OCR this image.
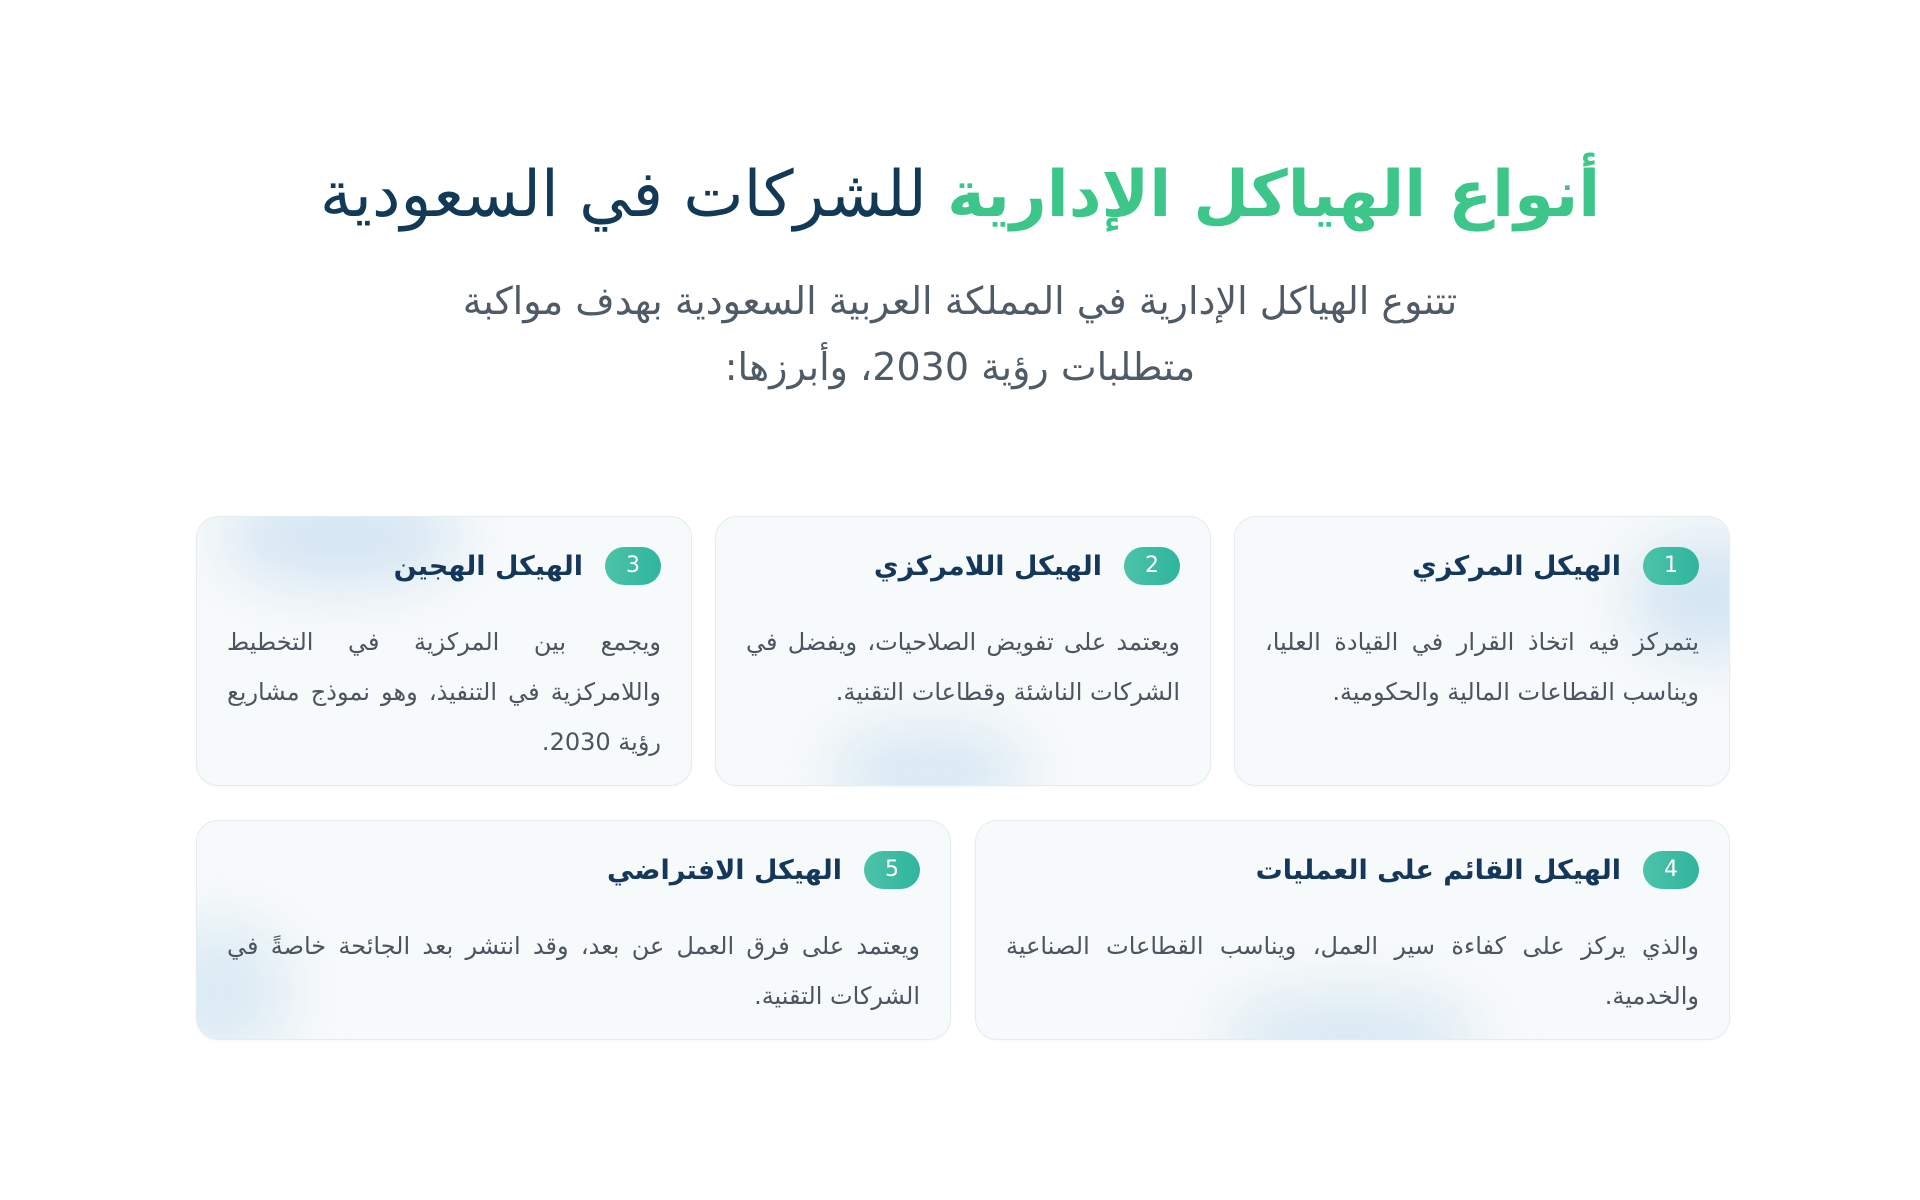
أنواع الهياكل الإدارية للشركات في السعودية

تتنوع الهياكل الإدارية في المملكة العربية السعودية بهدف مواكبة
متطلبات رؤية 2030، وأبرزها:

1
الهيكل المركزي

يتمركز فيه اتخاذ القرار في القيادة العليا، ويناسب القطاعات المالية والحكومية.

2
الهيكل اللامركزي

ويعتمد على تفويض الصلاحيات، ويفضل في الشركات الناشئة وقطاعات التقنية.

3
الهيكل الهجين

ويجمع بين المركزية في التخطيط واللامركزية في التنفيذ، وهو نموذج مشاريع رؤية 2030.

4
الهيكل القائم على العمليات

والذي يركز على كفاءة سير العمل، ويناسب القطاعات الصناعية والخدمية.

5
الهيكل الافتراضي

ويعتمد على فرق العمل عن بعد، وقد انتشر بعد الجائحة خاصةً في الشركات التقنية.
